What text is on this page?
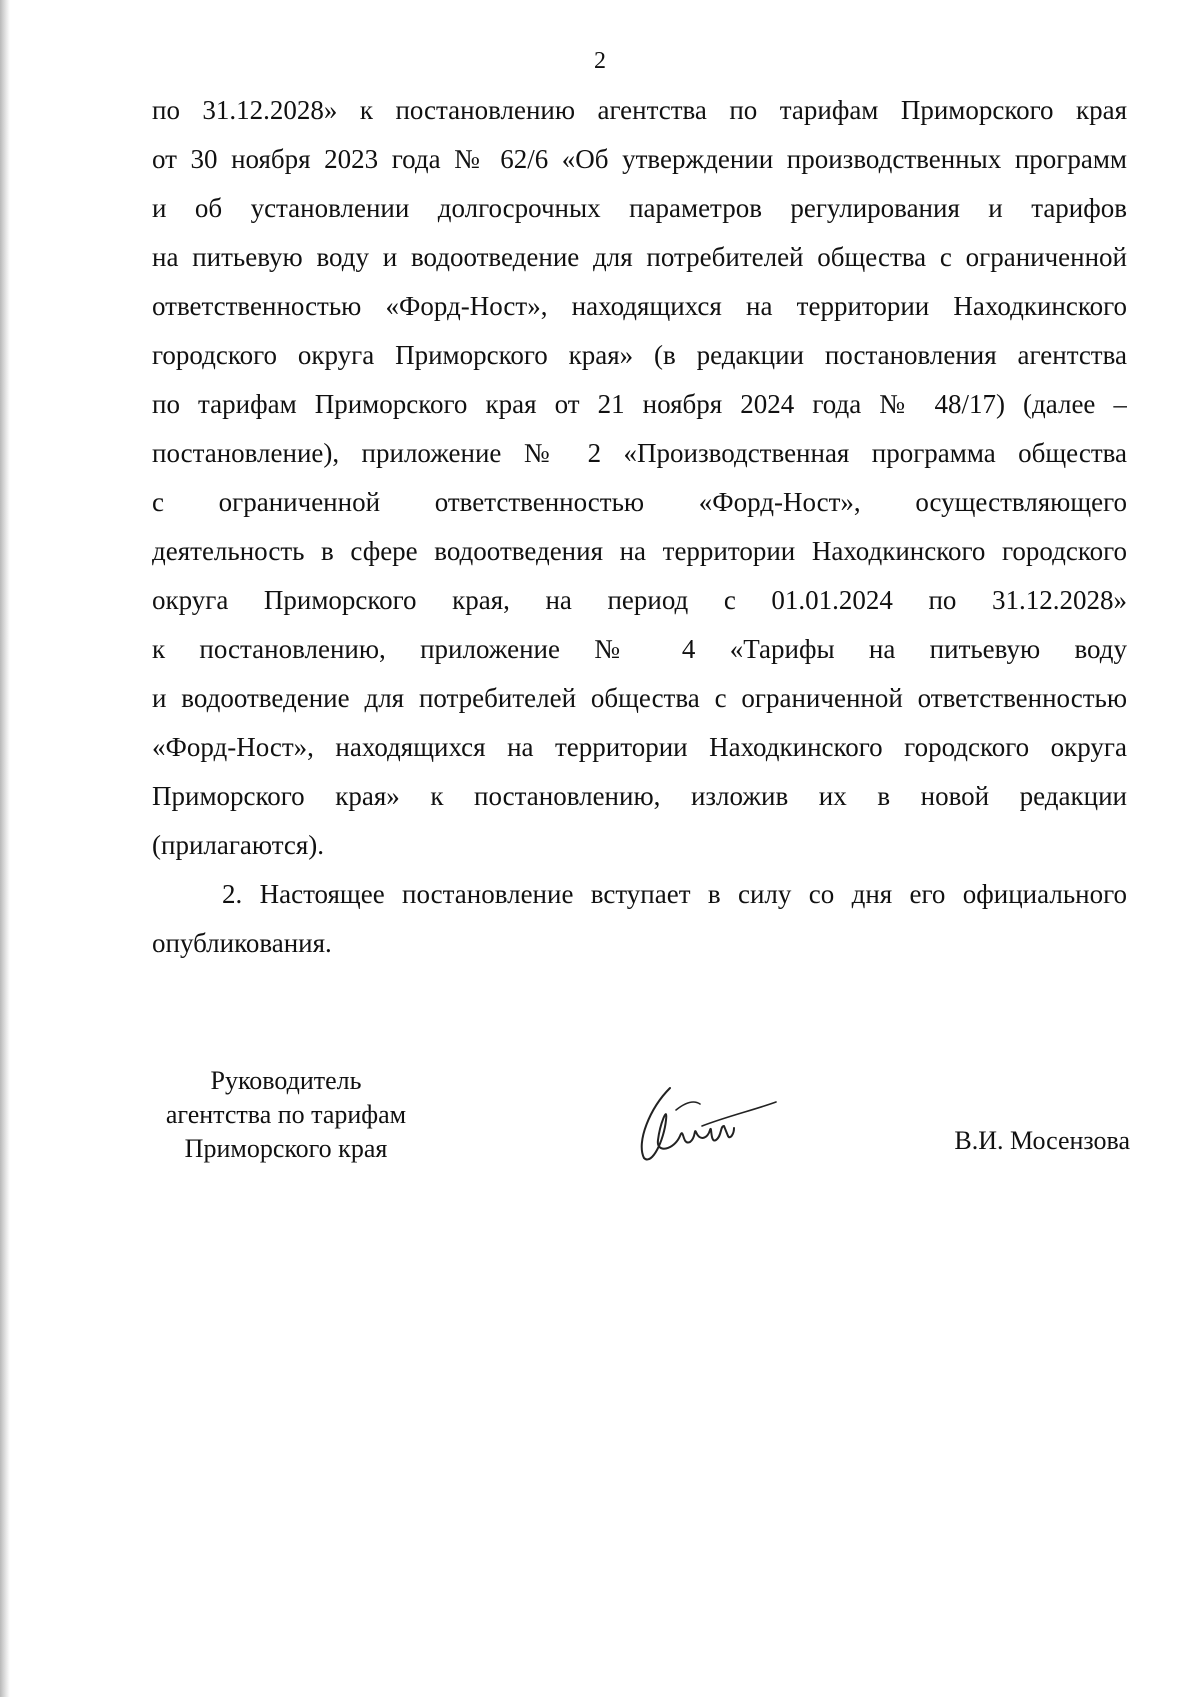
2
по 31.12.2028» к постановлению агентства по тарифам Приморского края
от 30 ноября 2023 года № 62/6 «Об утверждении производственных программ
и об установлении долгосрочных параметров регулирования и тарифов
на питьевую воду и водоотведение для потребителей общества с ограниченной
ответственностью «Форд-Ност», находящихся на территории Находкинского
городского округа Приморского края» (в редакции постановления агентства
по тарифам Приморского края от 21 ноября 2024 года № 48/17) (далее –
постановление), приложение № 2 «Производственная программа общества
с ограниченной ответственностью «Форд-Ност», осуществляющего
деятельность в сфере водоотведения на территории Находкинского городского
округа Приморского края, на период с 01.01.2024 по 31.12.2028»
к постановлению, приложение № 4 «Тарифы на питьевую воду
и водоотведение для потребителей общества с ограниченной ответственностью
«Форд-Ност», находящихся на территории Находкинского городского округа
Приморского края» к постановлению, изложив их в новой редакции
(прилагаются).
2. Настоящее постановление вступает в силу со дня его официального
опубликования.
Руководитель
агентства по тарифам
Приморского края	В.И. Мосензова
